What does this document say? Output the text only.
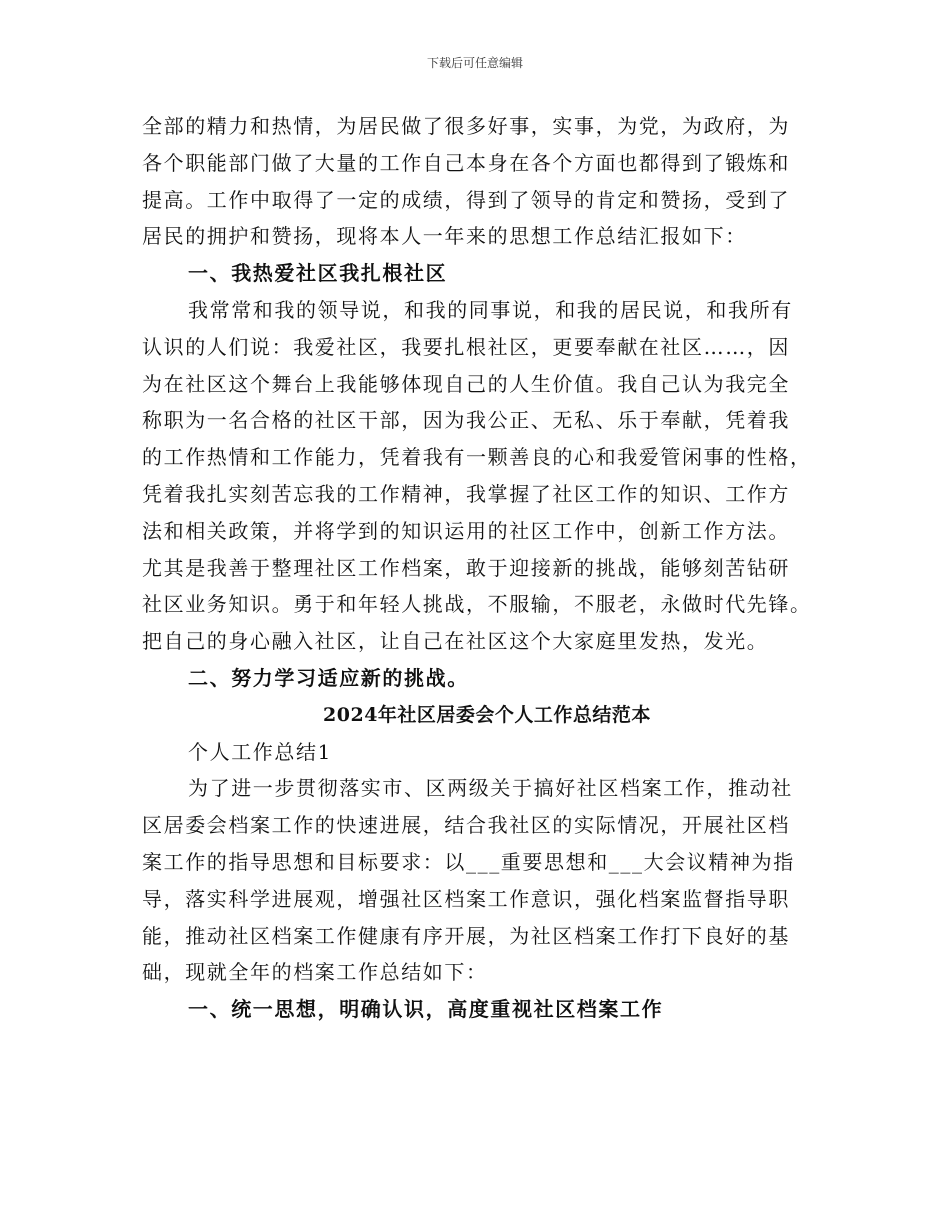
下载后可任意编辑
全部的精力和热情，为居民做了很多好事，实事，为党，为政府，为
各个职能部门做了大量的工作自己本身在各个方面也都得到了锻炼和
提高。工作中取得了一定的成绩，得到了领导的肯定和赞扬，受到了
居民的拥护和赞扬，现将本人一年来的思想工作总结汇报如下：
一、我热爱社区我扎根社区
我常常和我的领导说，和我的同事说，和我的居民说，和我所有
认识的人们说：我爱社区，我要扎根社区，更要奉献在社区……，因
为在社区这个舞台上我能够体现自己的人生价值。我自己认为我完全
称职为一名合格的社区干部，因为我公正、无私、乐于奉献，凭着我
的工作热情和工作能力，凭着我有一颗善良的心和我爱管闲事的性格，
凭着我扎实刻苦忘我的工作精神，我掌握了社区工作的知识、工作方
法和相关政策，并将学到的知识运用的社区工作中，创新工作方法。
尤其是我善于整理社区工作档案，敢于迎接新的挑战，能够刻苦钻研
社区业务知识。勇于和年轻人挑战，不服输，不服老，永做时代先锋。
把自己的身心融入社区，让自己在社区这个大家庭里发热，发光。
二、努力学习适应新的挑战。
2024年社区居委会个人工作总结范本
个人工作总结1
为了进一步贯彻落实市、区两级关于搞好社区档案工作，推动社
区居委会档案工作的快速进展，结合我社区的实际情况，开展社区档
案工作的指导思想和目标要求：以___重要思想和___大会议精神为指
导，落实科学进展观，增强社区档案工作意识，强化档案监督指导职
能，推动社区档案工作健康有序开展，为社区档案工作打下良好的基
础，现就全年的档案工作总结如下：
一、统一思想，明确认识，高度重视社区档案工作
